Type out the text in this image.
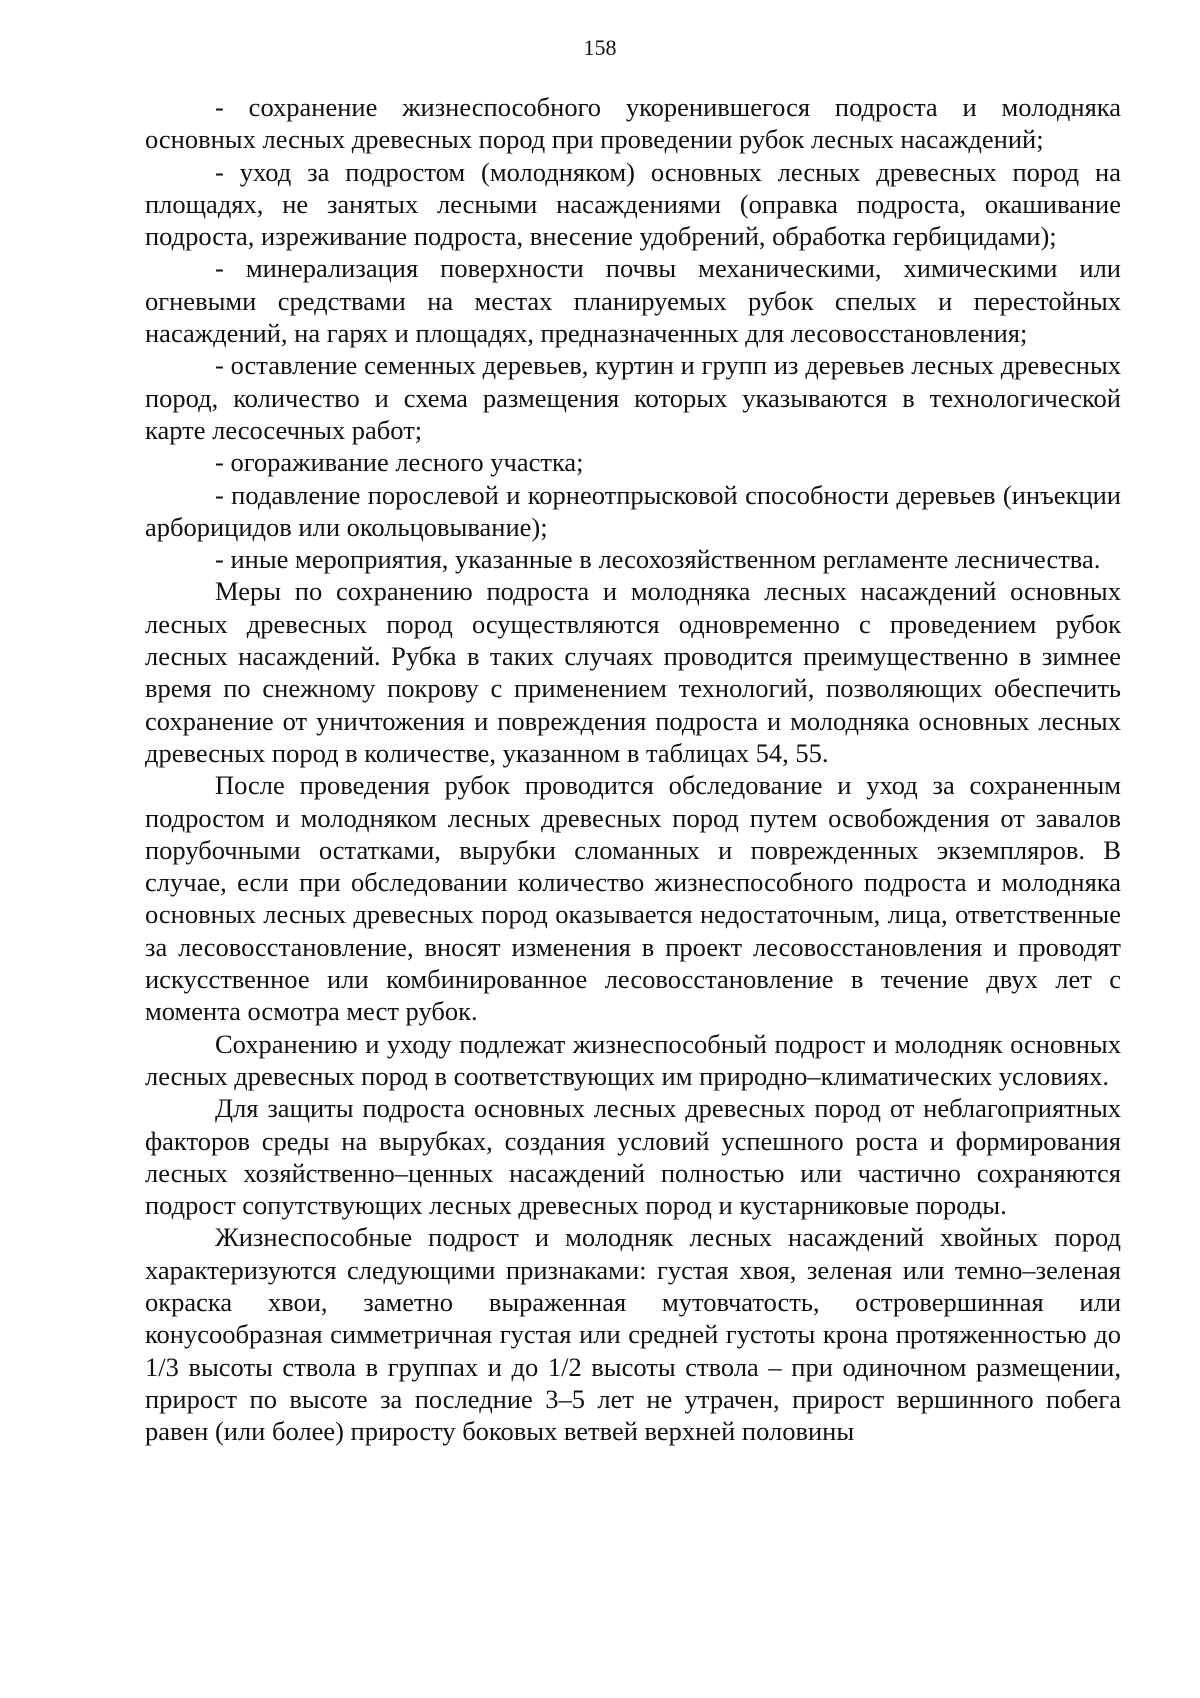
158

- сохранение жизнеспособного укоренившегося подроста и молодняка основных лесных древесных пород при проведении рубок лесных насаждений;

- уход за подростом (молодняком) основных лесных древесных пород на площадях, не занятых лесными насаждениями (оправка подроста, окашивание подроста, изреживание подроста, внесение удобрений, обработка гербицидами);

- минерализация поверхности почвы механическими, химическими или огневыми средствами на местах планируемых рубок спелых и перестойных насаждений, на гарях и площадях, предназначенных для лесовосстановления;

- оставление семенных деревьев, куртин и групп из деревьев лесных древесных пород, количество и схема размещения которых указываются в технологической карте лесосечных работ;

- огораживание лесного участка;

- подавление порослевой и корнеотпрысковой способности деревьев (инъекции арборицидов или окольцовывание);

- иные мероприятия, указанные в лесохозяйственном регламенте лесничества.

Меры по сохранению подроста и молодняка лесных насаждений основных лесных древесных пород осуществляются одновременно с проведением рубок лесных насаждений. Рубка в таких случаях проводится преимущественно в зимнее время по снежному покрову с применением технологий, позволяющих обеспечить сохранение от уничтожения и повреждения подроста и молодняка основных лесных древесных пород в количестве, указанном в таблицах 54, 55.

После проведения рубок проводится обследование и уход за сохраненным подростом и молодняком лесных древесных пород путем освобождения от завалов порубочными остатками, вырубки сломанных и поврежденных экземпляров. В случае, если при обследовании количество жизнеспособного подроста и молодняка основных лесных древесных пород оказывается недостаточным, лица, ответственные за лесовосстановление, вносят изменения в проект лесовосстановления и проводят искусственное или комбинированное лесовосстановление в течение двух лет с момента осмотра мест рубок.

Сохранению и уходу подлежат жизнеспособный подрост и молодняк основных лесных древесных пород в соответствующих им природно–климатических условиях.

Для защиты подроста основных лесных древесных пород от неблагоприятных факторов среды на вырубках, создания условий успешного роста и формирования лесных хозяйственно–ценных насаждений полностью или частично сохраняются подрост сопутствующих лесных древесных пород и кустарниковые породы.

Жизнеспособные подрост и молодняк лесных насаждений хвойных пород характеризуются следующими признаками: густая хвоя, зеленая или темно–зеленая окраска хвои, заметно выраженная мутовчатость, островершинная или конусообразная симметричная густая или средней густоты крона протяженностью до 1/3 высоты ствола в группах и до 1/2 высоты ствола – при одиночном размещении, прирост по высоте за последние 3–5 лет не утрачен, прирост вершинного побега равен (или более) приросту боковых ветвей верхней половины
